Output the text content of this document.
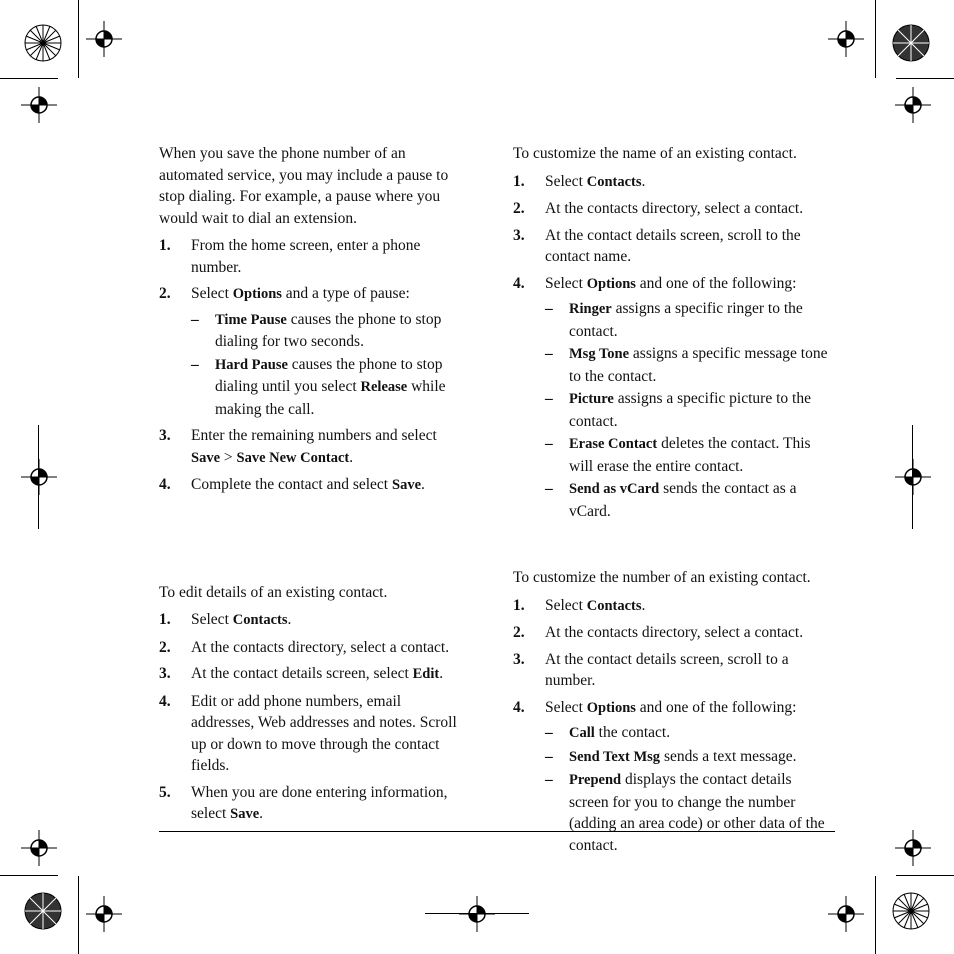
When you save the phone number of an automated service, you may include a pause to stop dialing. For example, a pause where you would wait to dial an extension.

1. From the home screen, enter a phone number.
2. Select Options and a type of pause:
– Time Pause causes the phone to stop dialing for two seconds.
– Hard Pause causes the phone to stop dialing until you select Release while making the call.
3. Enter the remaining numbers and select Save > Save New Contact.
4. Complete the contact and select Save.

To edit details of an existing contact.

1. Select Contacts.
2. At the contacts directory, select a contact.
3. At the contact details screen, select Edit.
4. Edit or add phone numbers, email addresses, Web addresses and notes. Scroll up or down to move through the contact fields.
5. When you are done entering information, select Save.

To customize the name of an existing contact.

1. Select Contacts.
2. At the contacts directory, select a contact.
3. At the contact details screen, scroll to the contact name.
4. Select Options and one of the following:
– Ringer assigns a specific ringer to the contact.
– Msg Tone assigns a specific message tone to the contact.
– Picture assigns a specific picture to the contact.
– Erase Contact deletes the contact. This will erase the entire contact.
– Send as vCard sends the contact as a vCard.

To customize the number of an existing contact.

1. Select Contacts.
2. At the contacts directory, select a contact.
3. At the contact details screen, scroll to a number.
4. Select Options and one of the following:
– Call the contact.
– Send Text Msg sends a text message.
– Prepend displays the contact details screen for you to change the number (adding an area code) or other data of the contact.
